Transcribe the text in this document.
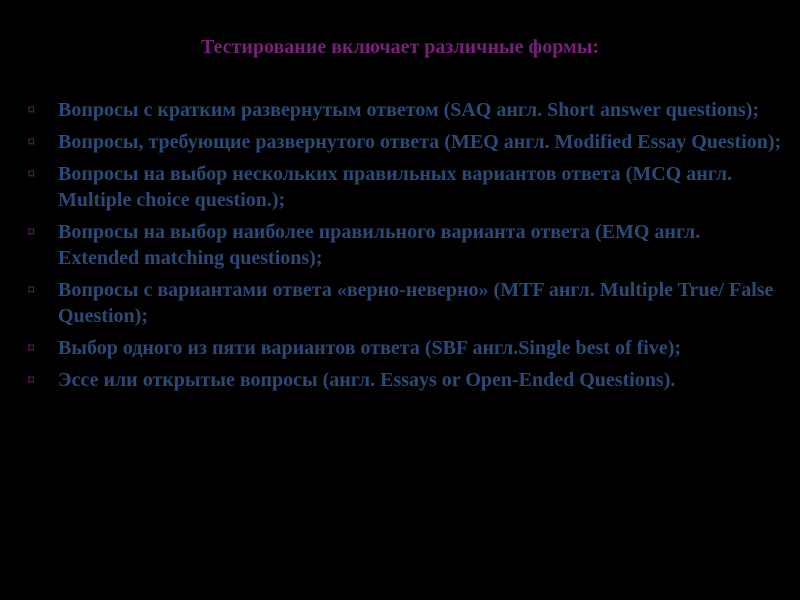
Тестирование включает различные формы:
⌑	Вопросы с кратким развернутым ответом (SAQ англ. Short answer questions);
⌑	Вопросы, требующие развернутого ответа (MEQ англ. Modified Essay Question);
⌑	Вопросы на выбор нескольких правильных вариантов ответа (MCQ англ. Multiple choice question.);
⌑	Вопросы на выбор наиболее правильного варианта ответа (EMQ англ. Extended matching questions);
⌑	Вопросы с вариантами ответа «верно-неверно» (MTF англ. Multiple True/ False Question);
⌑	Выбор одного из пяти вариантов ответа (SBF англ.Single best of five);
⌑	Эссе или открытые вопросы (англ. Essays or Open-Ended Questions).
